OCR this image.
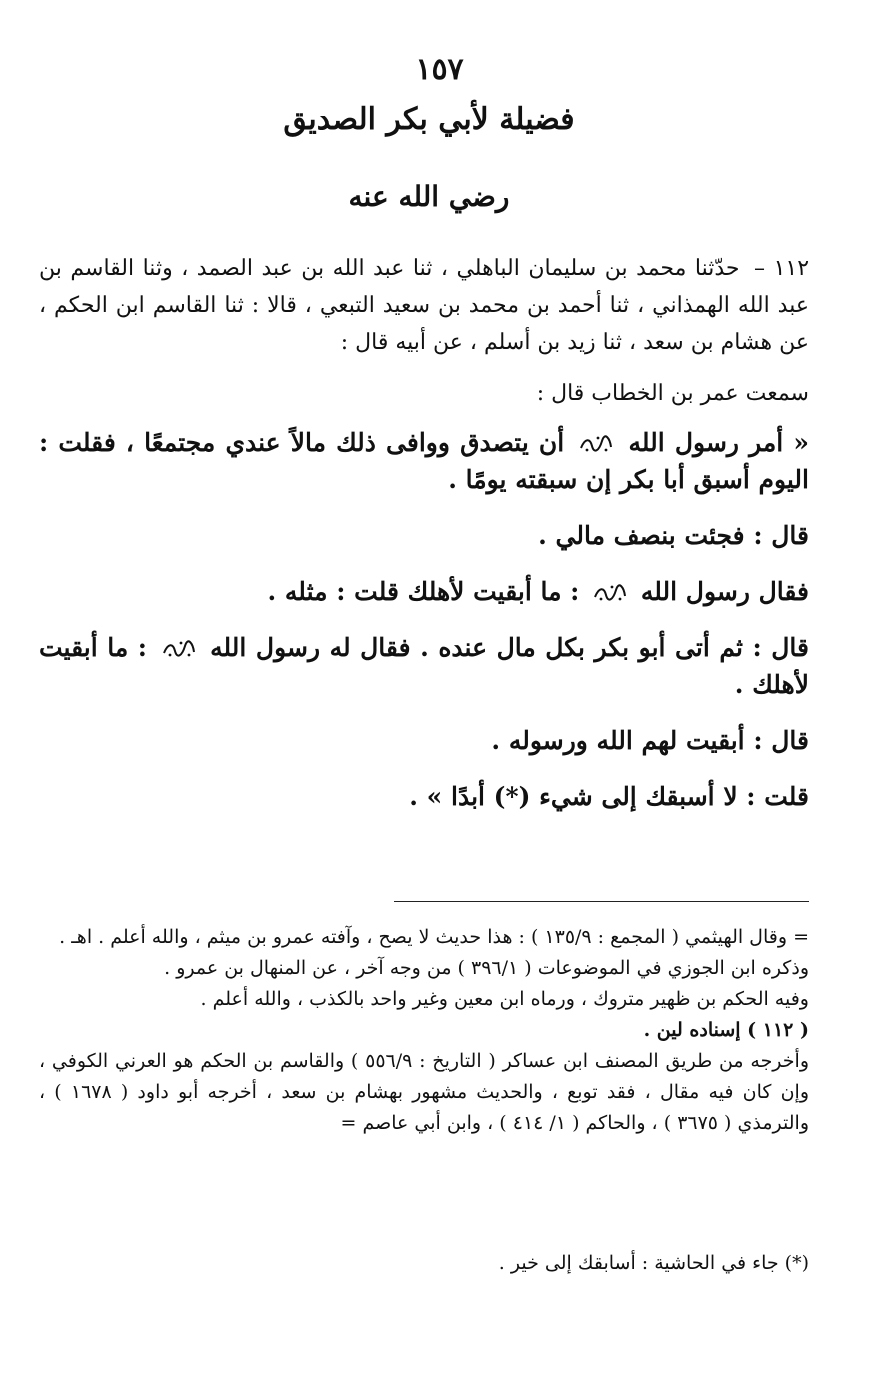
١٥٧
فضيلة لأبي بكر الصديق
رضي الله عنه

١١٢ – حدّثنا محمد بن سليمان الباهلي ، ثنا عبد الله بن عبد الصمد ، وثنا القاسم بن عبد الله الهمذاني ، ثنا أحمد بن محمد بن سعيد التبعي ، قالا : ثنا القاسم ابن الحكم ، عن هشام بن سعد ، ثنا زيد بن أسلم ، عن أبيه قال :

سمعت عمر بن الخطاب قال :

« أمر رسول الله  أن يتصدق ووافى ذلك مالاً عندي مجتمعًا ، فقلت : اليوم أسبق أبا بكر إن سبقته يومًا .

قال : فجئت بنصف مالي .

فقال رسول الله  : ما أبقيت لأهلك قلت : مثله .

قال : ثم أتى أبو بكر بكل مال عنده . فقال له رسول الله  : ما أبقيت لأهلك .

قال : أبقيت لهم الله ورسوله .

قلت : لا أسبقك إلى شيء (*) أبدًا » .

= وقال الهيثمي ( المجمع : ١٣٥/٩ ) : هذا حديث لا يصح ، وآفته عمرو بن ميثم ، والله أعلم . اهـ .

وذكره ابن الجوزي في الموضوعات ( ٣٩٦/١ ) من وجه آخر ، عن المنهال بن عمرو .

وفيه الحكم بن ظهير متروك ، ورماه ابن معين وغير واحد بالكذب ، والله أعلم .

( ١١٢ ) إسناده لين .

وأخرجه من طريق المصنف ابن عساكر ( التاريخ : ٥٥٦/٩ ) والقاسم بن الحكم هو العرني الكوفي ، وإن كان فيه مقال ، فقد توبع ، والحديث مشهور بهشام بن سعد ، أخرجه أبو داود ( ١٦٧٨ ) ، والترمذي ( ٣٦٧٥ ) ، والحاكم ( ١/ ٤١٤ ) ، وابن أبي عاصم =

(*) جاء في الحاشية : أسابقك إلى خير .
